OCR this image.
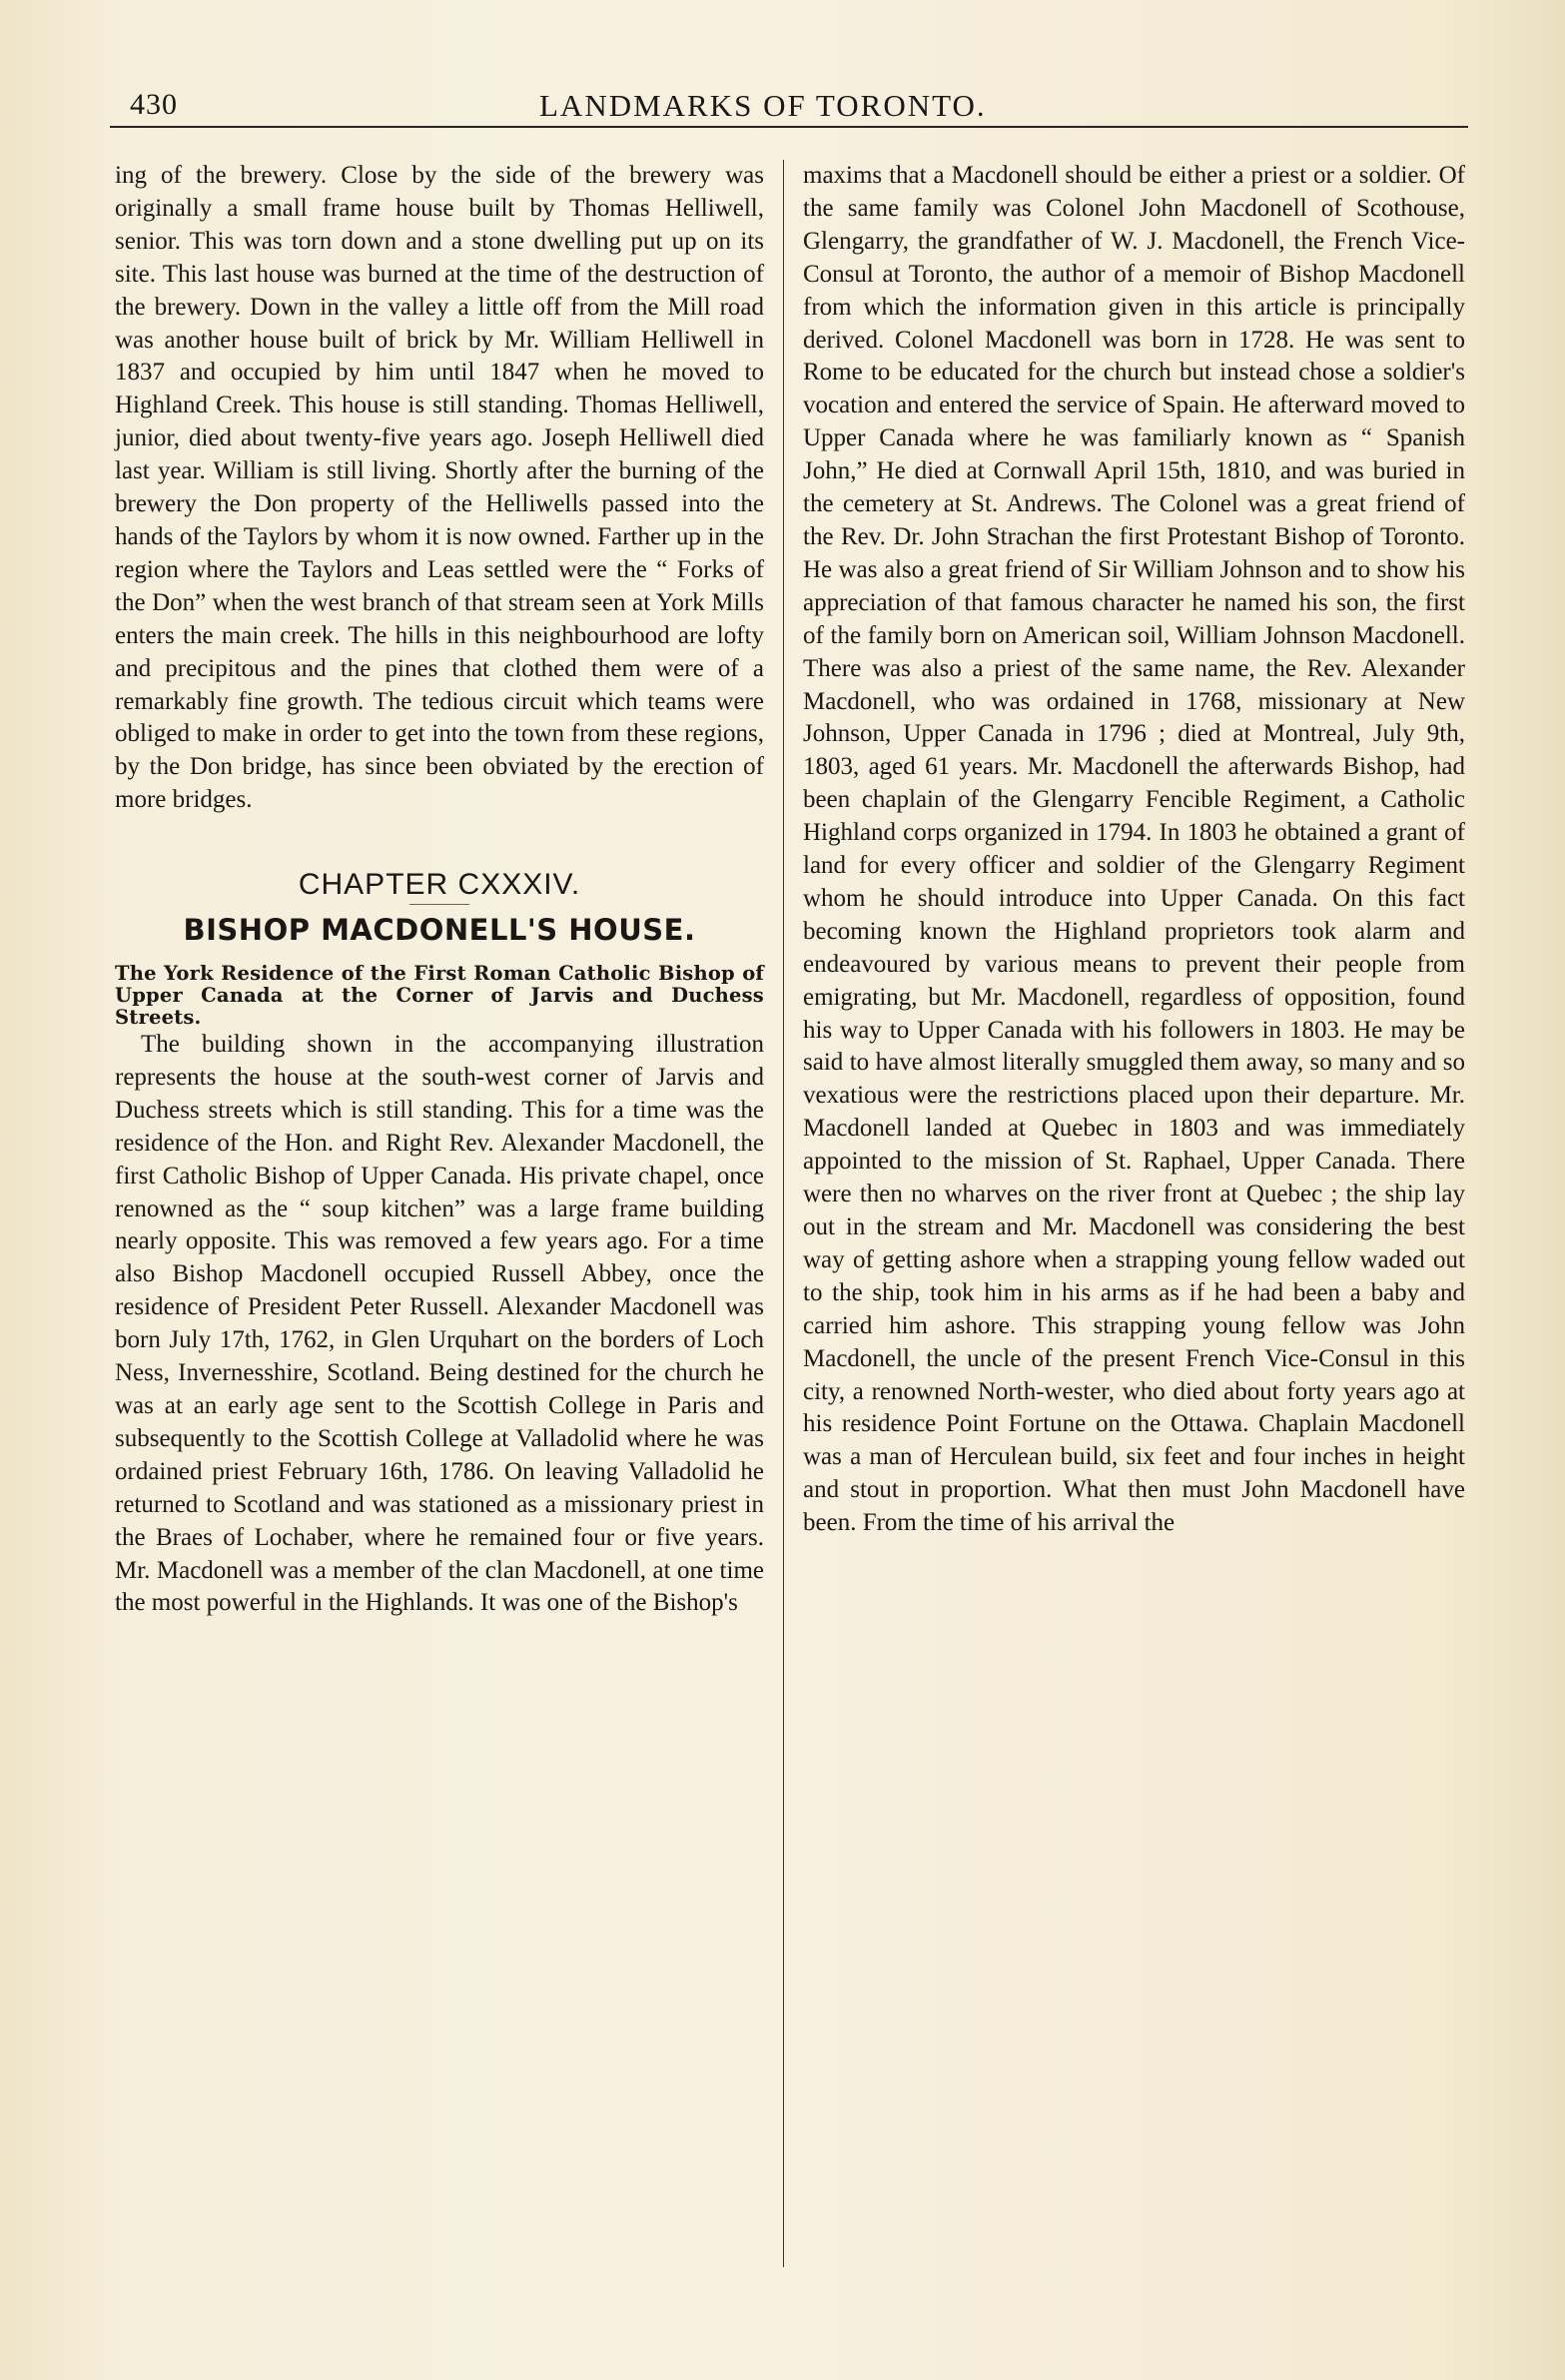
430	LANDMARKS OF TORONTO.

ing of the brewery. Close by the side of the brewery was originally a small frame house built by Thomas Helliwell, senior. This was torn down and a stone dwelling put up on its site. This last house was burned at the time of the destruction of the brewery. Down in the valley a little off from the Mill road was another house built of brick by Mr. William Helliwell in 1837 and occupied by him until 1847 when he moved to Highland Creek. This house is still standing. Thomas Helliwell, junior, died about twenty-five years ago. Joseph Helliwell died last year. William is still living. Shortly after the burning of the brewery the Don property of the Helliwells passed into the hands of the Taylors by whom it is now owned. Farther up in the region where the Taylors and Leas settled were the “ Forks of the Don” when the west branch of that stream seen at York Mills enters the main creek. The hills in this neighbourhood are lofty and precipitous and the pines that clothed them were of a remarkably fine growth. The tedious circuit which teams were obliged to make in order to get into the town from these regions, by the Don bridge, has since been obviated by the erection of more bridges.

CHAPTER CXXXIV.
BISHOP MACDONELL'S HOUSE.

The York Residence of the First Roman Catholic Bishop of Upper Canada at the Corner of Jarvis and Duchess Streets.

The building shown in the accompanying illustration represents the house at the south-west corner of Jarvis and Duchess streets which is still standing. This for a time was the residence of the Hon. and Right Rev. Alexander Macdonell, the first Catholic Bishop of Upper Canada. His private chapel, once renowned as the “ soup kitchen” was a large frame building nearly opposite. This was removed a few years ago. For a time also Bishop Macdonell occupied Russell Abbey, once the residence of President Peter Russell. Alexander Macdonell was born July 17th, 1762, in Glen Urquhart on the borders of Loch Ness, Invernesshire, Scotland. Being destined for the church he was at an early age sent to the Scottish College in Paris and subsequently to the Scottish College at Valladolid where he was ordained priest February 16th, 1786. On leaving Valladolid he returned to Scotland and was stationed as a missionary priest in the Braes of Lochaber, where he remained four or five years. Mr. Macdonell was a member of the clan Macdonell, at one time the most powerful in the Highlands. It was one of the Bishop's

maxims that a Macdonell should be either a priest or a soldier. Of the same family was Colonel John Macdonell of Scothouse, Glengarry, the grandfather of W. J. Macdonell, the French Vice-Consul at Toronto, the author of a memoir of Bishop Macdonell from which the information given in this article is principally derived. Colonel Macdonell was born in 1728. He was sent to Rome to be educated for the church but instead chose a soldier's vocation and entered the service of Spain. He afterward moved to Upper Canada where he was familiarly known as “ Spanish John,” He died at Cornwall April 15th, 1810, and was buried in the cemetery at St. Andrews. The Colonel was a great friend of the Rev. Dr. John Strachan the first Protestant Bishop of Toronto. He was also a great friend of Sir William Johnson and to show his appreciation of that famous character he named his son, the first of the family born on American soil, William Johnson Macdonell. There was also a priest of the same name, the Rev. Alexander Macdonell, who was ordained in 1768, missionary at New Johnson, Upper Canada in 1796 ; died at Montreal, July 9th, 1803, aged 61 years. Mr. Macdonell the afterwards Bishop, had been chaplain of the Glengarry Fencible Regiment, a Catholic Highland corps organized in 1794. In 1803 he obtained a grant of land for every officer and soldier of the Glengarry Regiment whom he should introduce into Upper Canada. On this fact becoming known the Highland proprietors took alarm and endeavoured by various means to prevent their people from emigrating, but Mr. Macdonell, regardless of opposition, found his way to Upper Canada with his followers in 1803. He may be said to have almost literally smuggled them away, so many and so vexatious were the restrictions placed upon their departure. Mr. Macdonell landed at Quebec in 1803 and was immediately appointed to the mission of St. Raphael, Upper Canada. There were then no wharves on the river front at Quebec ; the ship lay out in the stream and Mr. Macdonell was considering the best way of getting ashore when a strapping young fellow waded out to the ship, took him in his arms as if he had been a baby and carried him ashore. This strapping young fellow was John Macdonell, the uncle of the present French Vice-Consul in this city, a renowned North-wester, who died about forty years ago at his residence Point Fortune on the Ottawa. Chaplain Macdonell was a man of Herculean build, six feet and four inches in height and stout in proportion. What then must John Macdonell have been. From the time of his arrival the
